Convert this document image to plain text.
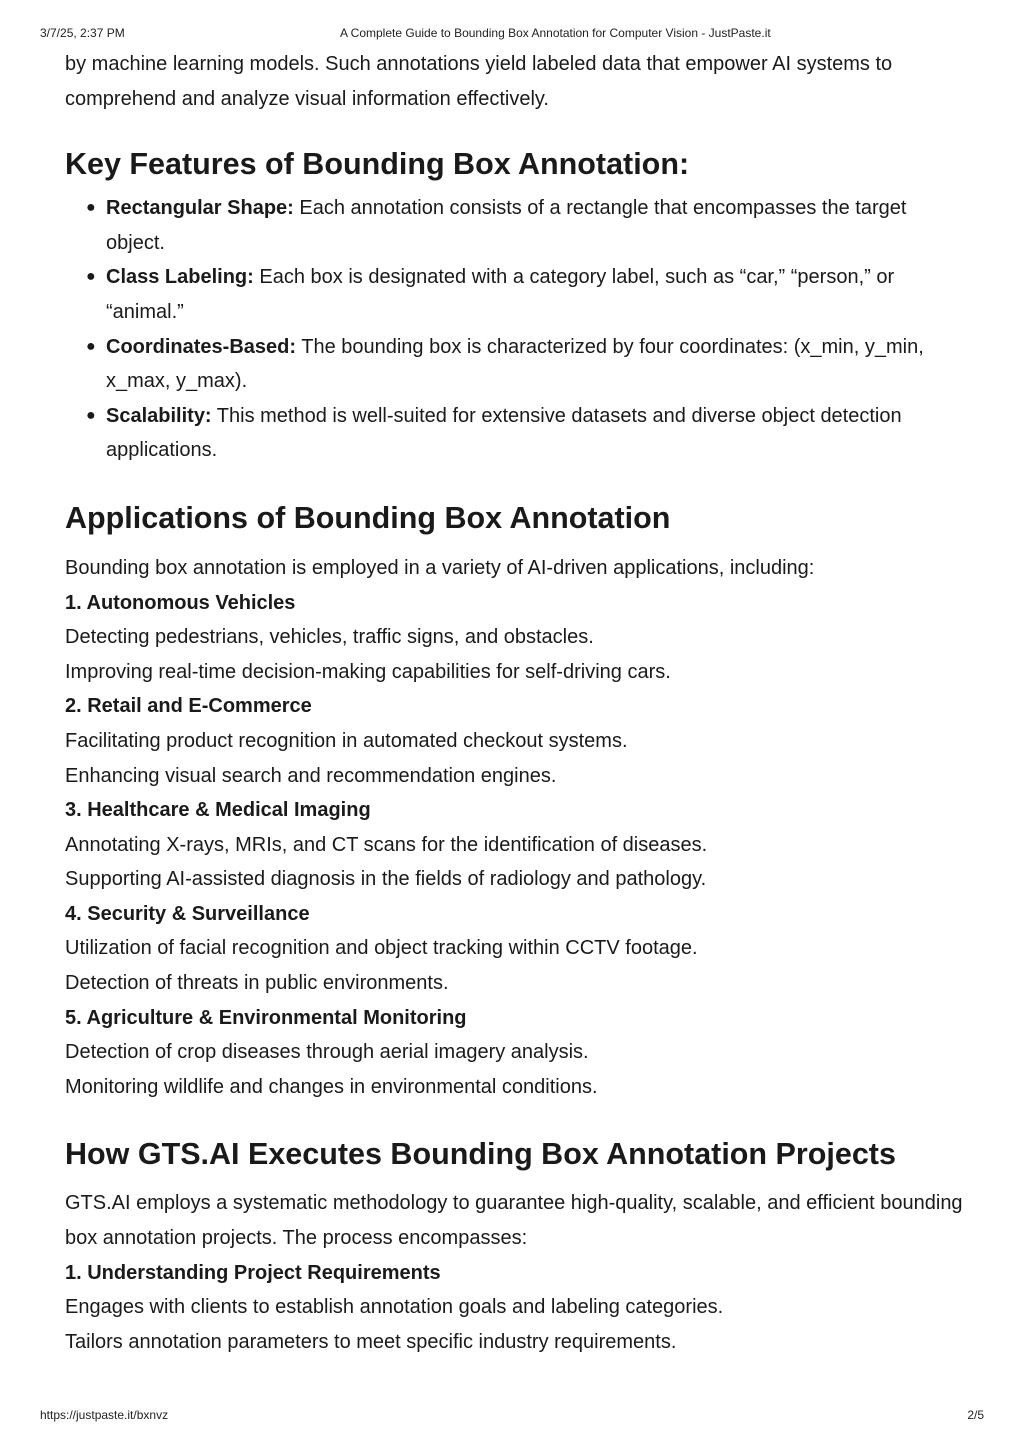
3/7/25, 2:37 PM	A Complete Guide to Bounding Box Annotation for Computer Vision - JustPaste.it

by machine learning models. Such annotations yield labeled data that empower AI systems to comprehend and analyze visual information effectively.

Key Features of Bounding Box Annotation:
● Rectangular Shape: Each annotation consists of a rectangle that encompasses the target object.
● Class Labeling: Each box is designated with a category label, such as “car,” “person,” or “animal.”
● Coordinates-Based: The bounding box is characterized by four coordinates: (x_min, y_min, x_max, y_max).
● Scalability: This method is well-suited for extensive datasets and diverse object detection applications.
Applications of Bounding Box Annotation

Bounding box annotation is employed in a variety of AI-driven applications, including:

1. Autonomous Vehicles

Detecting pedestrians, vehicles, traffic signs, and obstacles.

Improving real-time decision-making capabilities for self-driving cars.

2. Retail and E-Commerce

Facilitating product recognition in automated checkout systems.

Enhancing visual search and recommendation engines.

3. Healthcare & Medical Imaging

Annotating X-rays, MRIs, and CT scans for the identification of diseases.

Supporting AI-assisted diagnosis in the fields of radiology and pathology.

4. Security & Surveillance

Utilization of facial recognition and object tracking within CCTV footage.

Detection of threats in public environments.

5. Agriculture & Environmental Monitoring

Detection of crop diseases through aerial imagery analysis.

Monitoring wildlife and changes in environmental conditions.

How GTS.AI Executes Bounding Box Annotation Projects

GTS.AI employs a systematic methodology to guarantee high-quality, scalable, and efficient bounding box annotation projects. The process encompasses:

1. Understanding Project Requirements

Engages with clients to establish annotation goals and labeling categories.

Tailors annotation parameters to meet specific industry requirements.

https://justpaste.it/bxnvz	2/5
